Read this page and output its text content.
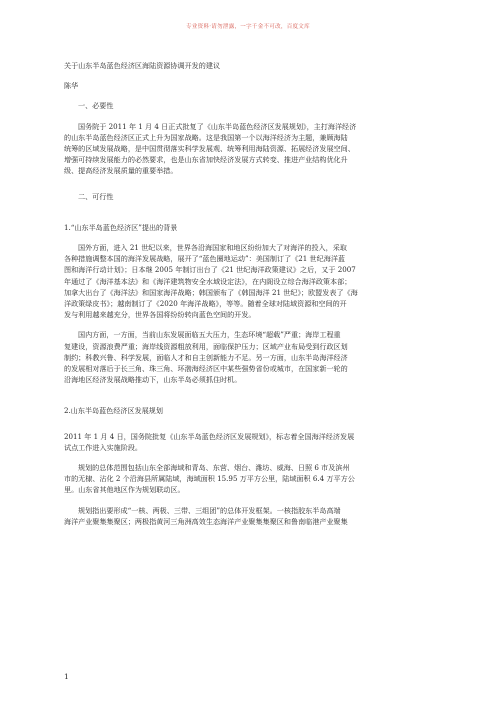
专业资料·请勿泄露，一字千金不可改，百度文库

关于山东半岛蓝色经济区海陆资源协调开发的建议

陈华

一、必要性

国务院于 2011 年 1 月 4 日正式批复了《山东半岛蓝色经济区发展规划》，主打海洋经济

的山东半岛蓝色经济区正式上升为国家战略。这是我国第一个以海洋经济为主题，兼顾海陆

统筹的区域发展战略，是中国贯彻落实科学发展观、统筹利用海陆资源、拓展经济发展空间、

增强可持续发展能力的必然要求，也是山东省加快经济发展方式转变、推进产业结构优化升

级、提高经济发展质量的重要举措。

二、可行性

1.“山东半岛蓝色经济区”提出的背景

国外方面，进入 21 世纪以来，世界各沿海国家和地区纷纷加大了对海洋的投入，采取

各种措施调整本国的海洋发展战略，展开了“蓝色圈地运动”：美国制订了《21 世纪海洋蓝

图和海洋行动计划》；日本继 2005 年制订出台了《21 世纪海洋政策建议》之后，又于 2007

年通过了《海洋基本法》和《海洋建筑物安全水域设定法》，在内阁设立综合海洋政策本部；

加拿大出台了《海洋法》和国家海洋战略；韩国颁布了《韩国海洋 21 世纪》；欧盟发表了《海

洋政策绿皮书》；越南制订了《2020 年海洋战略》，等等。随着全球对陆域资源和空间的开

发与利用越来越充分，世界各国将纷纷转向蓝色空间的开发。

国内方面，一方面，当前山东发展面临五大压力，生态环境“超载”严重；海岸工程重

复建设，资源浪费严重；海岸线资源粗放利用，面临保护压力；区域产业布局受到行政区划

制约；科教兴鲁、科学发展，面临人才和自主创新能力不足。另一方面，山东半岛海洋经济

的发展相对落后于长三角、珠三角、环渤海经济区中某些强势省份或城市，在国家新一轮的

沿海地区经济发展战略推动下，山东半岛必须抓住时机。

2.山东半岛蓝色经济区发展规划

2011 年 1 月 4 日，国务院批复《山东半岛蓝色经济区发展规划》，标志着全国海洋经济发展

试点工作进入实施阶段。

规划的总体范围包括山东全部海域和青岛、东营、烟台、潍坊、威海、日照 6 市及滨州

市的无棣、沾化 2 个沿海县所属陆域，海域面积 15.95 万平方公里，陆域面积 6.4 万平方公

里。山东省其他地区作为规划联动区。

规划指出要形成“一核、两极、三带、三组团”的总体开发框架。一核指胶东半岛高端

海洋产业聚集集聚区；两极指黄河三角洲高效生态海洋产业聚集集聚区和鲁南临港产业聚集

1
